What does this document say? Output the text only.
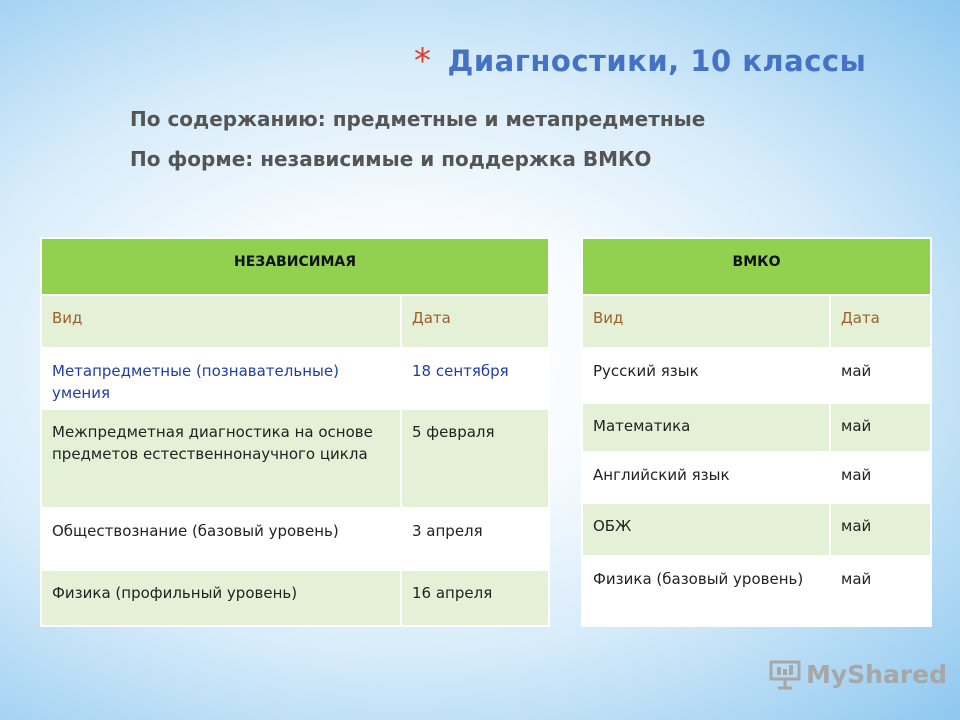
* Диагностики, 10 классы
По содержанию: предметные и метапредметные
По форме: независимые и поддержка ВМКО
НЕЗАВИСИМАЯ	
Вид	Дата
Метапредметные (познавательные) умения	18 сентября
Межпредметная диагностика на основе предметов естественнонаучного цикла	5 февраля
Обществознание (базовый уровень)	3 апреля
Физика (профильный уровень)	16 апреля
ВМКО	
Вид	Дата
Русский язык	май
Математика	май
Английский язык	май
ОБЖ	май
Физика (базовый уровень)	май
MyShared
